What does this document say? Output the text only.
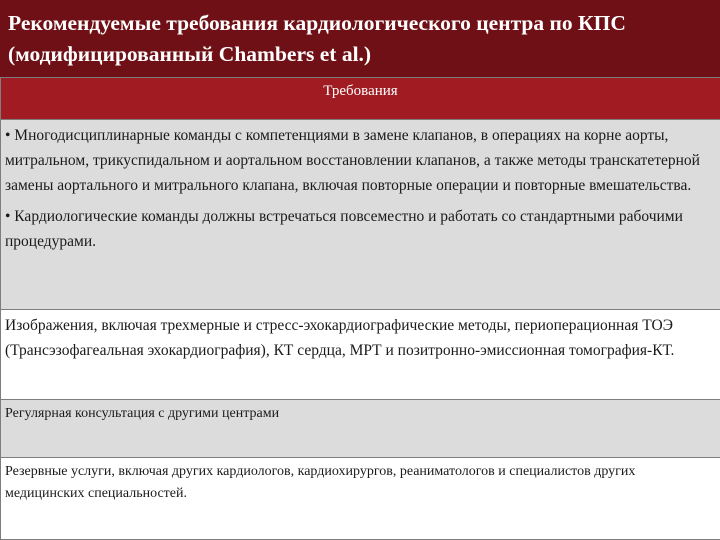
Рекомендуемые требования кардиологического центра по КПС
(модифицированный Chambers et al.)

Требования

• Многодисциплинарные команды с компетенциями в замене клапанов, в операциях на корне аорты, митральном, трикуспидальном и аортальном восстановлении клапанов, а также методы транскатетерной замены аортального и митрального клапана, включая повторные операции и повторные вмешательства.

• Кардиологические команды должны встречаться повсеместно и работать со стандартными рабочими процедурами.

Изображения, включая трехмерные и стресс-эхокардиографические методы, периоперационная ТОЭ (Трансэзофагеальная эхокардиография), КТ сердца, МРТ и позитронно-эмиссионная томография-КТ.

Регулярная консультация с другими центрами

Резервные услуги, включая других кардиологов, кардиохирургов, реаниматологов и специалистов других медицинских специальностей.
